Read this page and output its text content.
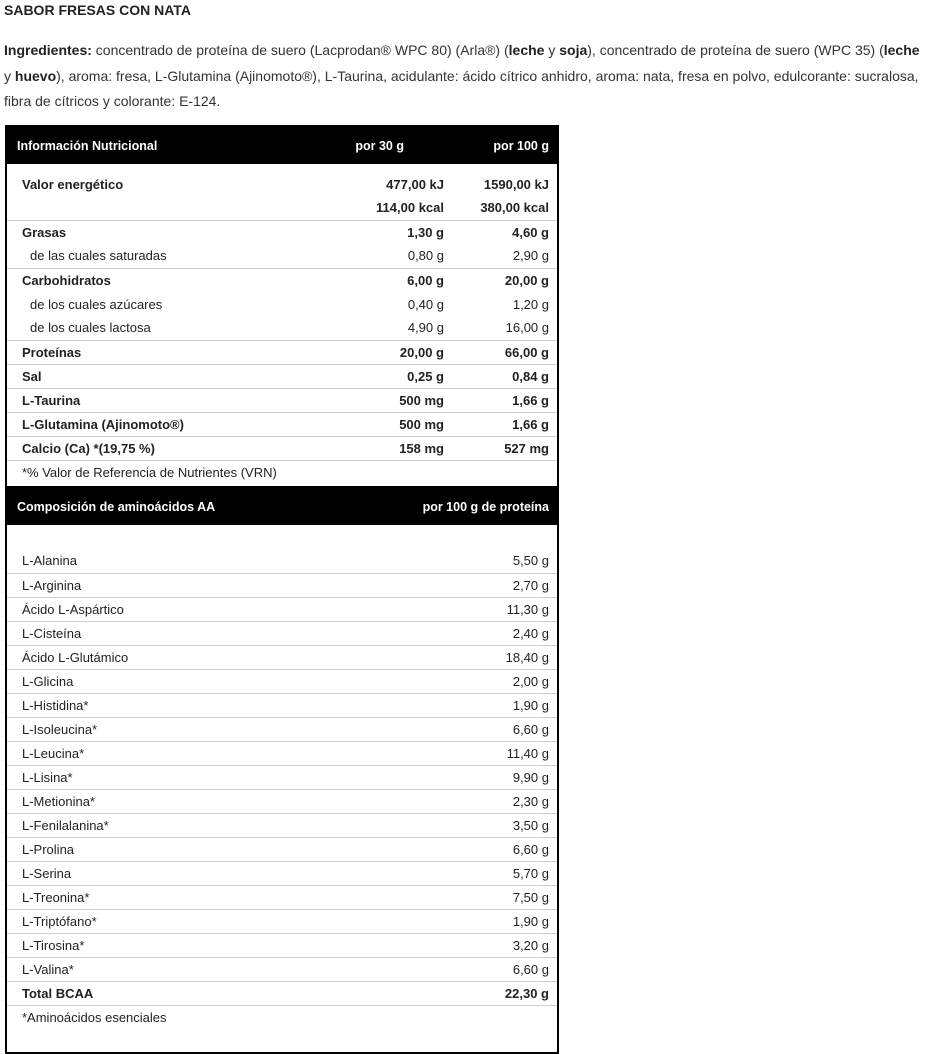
SABOR FRESAS CON NATA
Ingredientes: concentrado de proteína de suero (Lacprodan® WPC 80) (Arla®) (leche y soja), concentrado de proteína de suero (WPC 35) (leche y huevo), aroma: fresa, L-Glutamina (Ajinomoto®), L-Taurina, acidulante: ácido cítrico anhidro, aroma: nata, fresa en polvo, edulcorante: sucralosa, fibra de cítricos y colorante: E-124.
Información Nutricional	por 30 g	por 100 g

Valor energético	477,00 kJ	1590,00 kJ
	114,00 kcal	380,00 kcal
Grasas	1,30 g	4,60 g
de las cuales saturadas	0,80 g	2,90 g
Carbohidratos	6,00 g	20,00 g
de los cuales azúcares	0,40 g	1,20 g
de los cuales lactosa	4,90 g	16,00 g
Proteínas	20,00 g	66,00 g
Sal	0,25 g	0,84 g
L-Taurina	500 mg	1,66 g
L-Glutamina (Ajinomoto®)	500 mg	1,66 g
Calcio (Ca) *(19,75 %)	158 mg	527 mg
*% Valor de Referencia de Nutrientes (VRN)		

Composición de aminoácidos AA	por 100 g de proteína

L-Alanina	5,50 g
L-Arginina	2,70 g
Ácido L-Aspártico	11,30 g
L-Cisteína	2,40 g
Ácido L-Glutámico	18,40 g
L-Glicina	2,00 g
L-Histidina*	1,90 g
L-Isoleucina*	6,60 g
L-Leucina*	11,40 g
L-Lisina*	9,90 g
L-Metionina*	2,30 g
L-Fenilalanina*	3,50 g
L-Prolina	6,60 g
L-Serina	5,70 g
L-Treonina*	7,50 g
L-Triptófano*	1,90 g
L-Tirosina*	3,20 g
L-Valina*	6,60 g
Total BCAA	22,30 g
*Aminoácidos esenciales	
